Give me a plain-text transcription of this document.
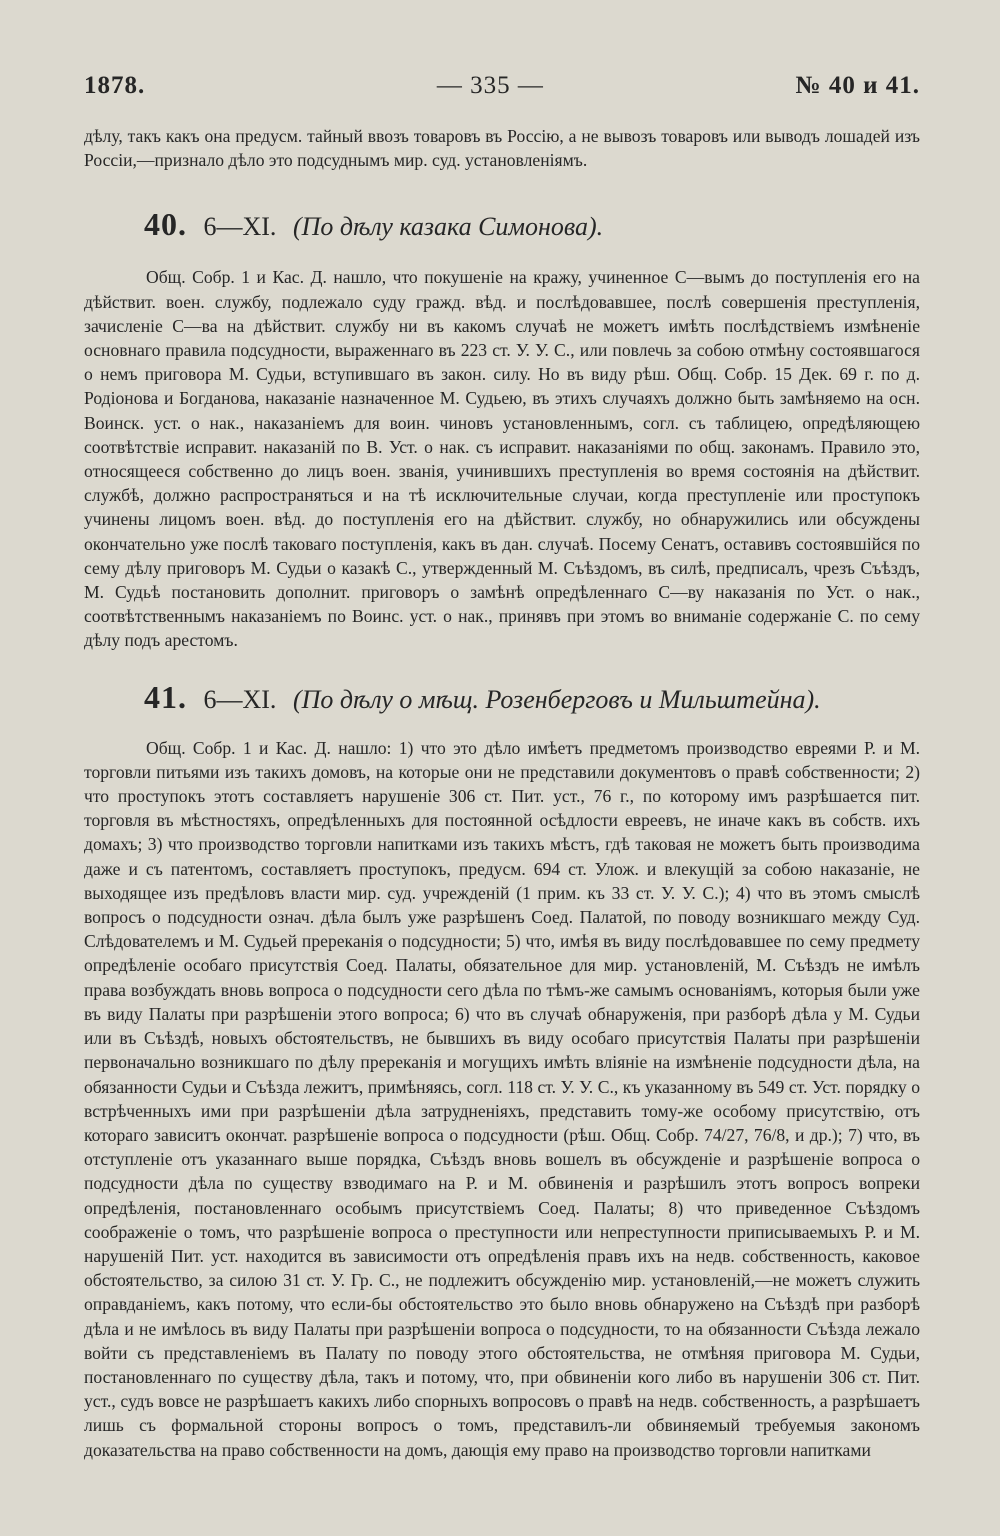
1878.	— 335 —	№ 40 и 41.

дѣлу, такъ какъ она предусм. тайный ввозъ товаровъ въ Россію, а не вывозъ товаровъ или выводъ лошадей изъ Россіи,—признало дѣло это подсуднымъ мир. суд. установленіямъ.

40. 6—XI. (По дѣлу казака Симонова).

Общ. Собр. 1 и Кас. Д. нашло, что покушеніе на кражу, учиненное С—вымъ до поступленія его на дѣйствит. воен. службу, подлежало суду гражд. вѣд. и послѣдовавшее, послѣ совершенія преступленія, зачисленіе С—ва на дѣйствит. службу ни въ какомъ случаѣ не можетъ имѣть послѣдствіемъ измѣненіе основнаго правила подсудности, выраженнаго въ 223 ст. У. У. С., или повлечь за собою отмѣну состоявшагося о немъ приговора М. Судьи, вступившаго въ закон. силу. Но въ виду рѣш. Общ. Собр. 15 Дек. 69 г. по д. Родіонова и Богданова, наказаніе назначенное М. Судьею, въ этихъ случаяхъ должно быть замѣняемо на осн. Воинск. уст. о нак., наказаніемъ для воин. чиновъ установленнымъ, согл. съ таблицею, опредѣляющею соотвѣтствіе исправит. наказаній по В. Уст. о нак. съ исправит. наказаніями по общ. законамъ. Правило это, относящееся собственно до лицъ воен. званія, учинившихъ преступленія во время состоянія на дѣйствит. службѣ, должно распространяться и на тѣ исключительные случаи, когда преступленіе или проступокъ учинены лицомъ воен. вѣд. до поступленія его на дѣйствит. службу, но обнаружились или обсуждены окончательно уже послѣ таковаго поступленія, какъ въ дан. случаѣ. Посему Сенатъ, оставивъ состоявшійся по сему дѣлу приговоръ М. Судьи о казакѣ С., утвержденный М. Съѣздомъ, въ силѣ, предписалъ, чрезъ Съѣздъ, М. Судьѣ постановить дополнит. приговоръ о замѣнѣ опредѣленнаго С—ву наказанія по Уст. о нак., соотвѣтственнымъ наказаніемъ по Воинс. уст. о нак., принявъ при этомъ во вниманіе содержаніе С. по сему дѣлу подъ арестомъ.

41. 6—XI. (По дѣлу о мѣщ. Розенберговъ и Мильштейна).

Общ. Собр. 1 и Кас. Д. нашло: 1) что это дѣло имѣетъ предметомъ производство евреями Р. и М. торговли питьями изъ такихъ домовъ, на которые они не представили документовъ о правѣ собственности; 2) что проступокъ этотъ составляетъ нарушеніе 306 ст. Пит. уст., 76 г., по которому имъ разрѣшается пит. торговля въ мѣстностяхъ, опредѣленныхъ для постоянной осѣдлости евреевъ, не иначе какъ въ собств. ихъ домахъ; 3) что производство торговли напитками изъ такихъ мѣстъ, гдѣ таковая не можетъ быть производима даже и съ патентомъ, составляетъ проступокъ, предусм. 694 ст. Улож. и влекущій за собою наказаніе, не выходящее изъ предѣловъ власти мир. суд. учрежденій (1 прим. къ 33 ст. У. У. С.); 4) что въ этомъ смыслѣ вопросъ о подсудности означ. дѣла былъ уже разрѣшенъ Соед. Палатой, по поводу возникшаго между Суд. Слѣдователемъ и М. Судьей пререканія о подсудности; 5) что, имѣя въ виду послѣдовавшее по сему предмету опредѣленіе особаго присутствія Соед. Палаты, обязательное для мир. установленій, М. Съѣздъ не имѣлъ права возбуждать вновь вопроса о подсудности сего дѣла по тѣмъ-же самымъ основаніямъ, которыя были уже въ виду Палаты при разрѣшеніи этого вопроса; 6) что въ случаѣ обнаруженія, при разборѣ дѣла у М. Судьи или въ Съѣздѣ, новыхъ обстоятельствъ, не бывшихъ въ виду особаго присутствія Палаты при разрѣшеніи первоначально возникшаго по дѣлу пререканія и могущихъ имѣть вліяніе на измѣненіе подсудности дѣла, на обязанности Судьи и Съѣзда лежитъ, примѣняясь, согл. 118 ст. У. У. С., къ указанному въ 549 ст. Уст. порядку о встрѣченныхъ ими при разрѣшеніи дѣла затрудненіяхъ, представить тому-же особому присутствію, отъ котораго зависитъ окончат. разрѣшеніе вопроса о подсудности (рѣш. Общ. Собр. 74/27, 76/8, и др.); 7) что, въ отступленіе отъ указаннаго выше порядка, Съѣздъ вновь вошелъ въ обсужденіе и разрѣшеніе вопроса о подсудности дѣла по существу взводимаго на Р. и М. обвиненія и разрѣшилъ этотъ вопросъ вопреки опредѣленія, постановленнаго особымъ присутствіемъ Соед. Палаты; 8) что приведенное Съѣздомъ соображеніе о томъ, что разрѣшеніе вопроса о преступности или непреступности приписываемыхъ Р. и М. нарушеній Пит. уст. находится въ зависимости отъ опредѣленія правъ ихъ на недв. собственность, каковое обстоятельство, за силою 31 ст. У. Гр. С., не подлежитъ обсужденію мир. установленій,—не можетъ служить оправданіемъ, какъ потому, что если-бы обстоятельство это было вновь обнаружено на Съѣздѣ при разборѣ дѣла и не имѣлось въ виду Палаты при разрѣшеніи вопроса о подсудности, то на обязанности Съѣзда лежало войти съ представленіемъ въ Палату по поводу этого обстоятельства, не отмѣняя приговора М. Судьи, постановленнаго по существу дѣла, такъ и потому, что, при обвиненіи кого либо въ нарушеніи 306 ст. Пит. уст., судъ вовсе не разрѣшаетъ какихъ либо спорныхъ вопросовъ о правѣ на недв. собственность, а разрѣшаетъ лишь съ формальной стороны вопросъ о томъ, представилъ-ли обвиняемый требуемыя закономъ доказательства на право собственности на домъ, дающія ему право на производство торговли напитками
